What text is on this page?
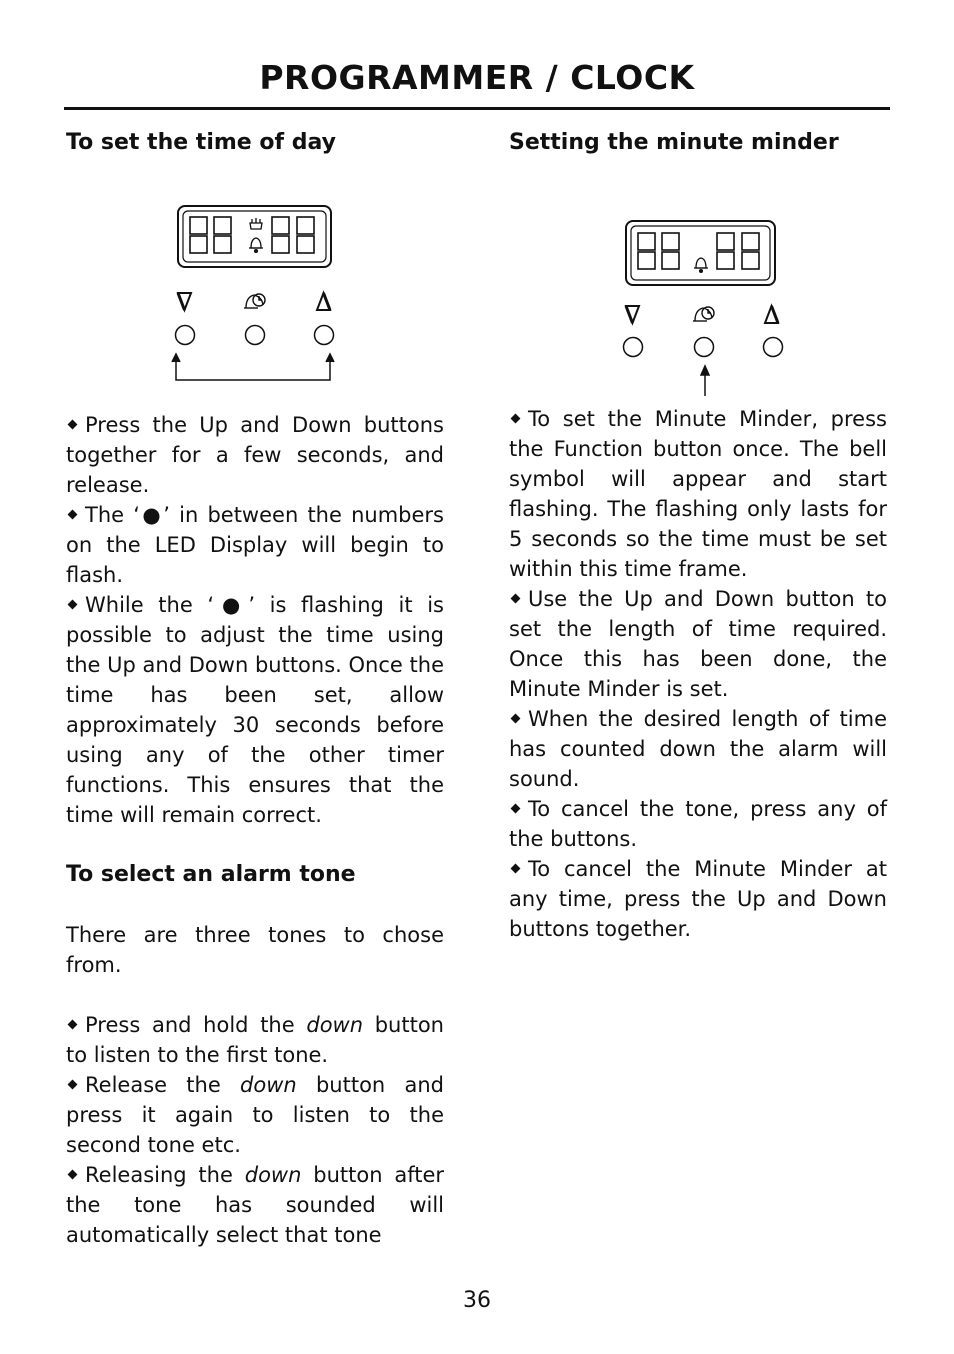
PROGRAMMER / CLOCK

To set the time of day

Press the Up and Down buttons together for a few seconds, and release.

The ‘●’ in between the numbers on the LED Display will begin to flash.

While the ‘●’ is flashing it is possible to adjust the time using the Up and Down buttons. Once the time has been set, allow approximately 30 seconds before using any of the other timer functions. This ensures that the time will remain correct.

To select an alarm tone

There are three tones to chose from.

Press and hold the down button to listen to the first tone.

Release the down button and press it again to listen to the second tone etc.

Releasing the down button after the tone has sounded will automatically select that tone

Setting the minute minder

To set the Minute Minder, press the Function button once. The bell symbol will appear and start flashing. The flashing only lasts for 5 seconds so the time must be set within this time frame.

Use the Up and Down button to set the length of time required. Once this has been done, the Minute Minder is set.

When the desired length of time has counted down the alarm will sound.

To cancel the tone, press any of the buttons.

To cancel the Minute Minder at any time, press the Up and Down buttons together.

36
